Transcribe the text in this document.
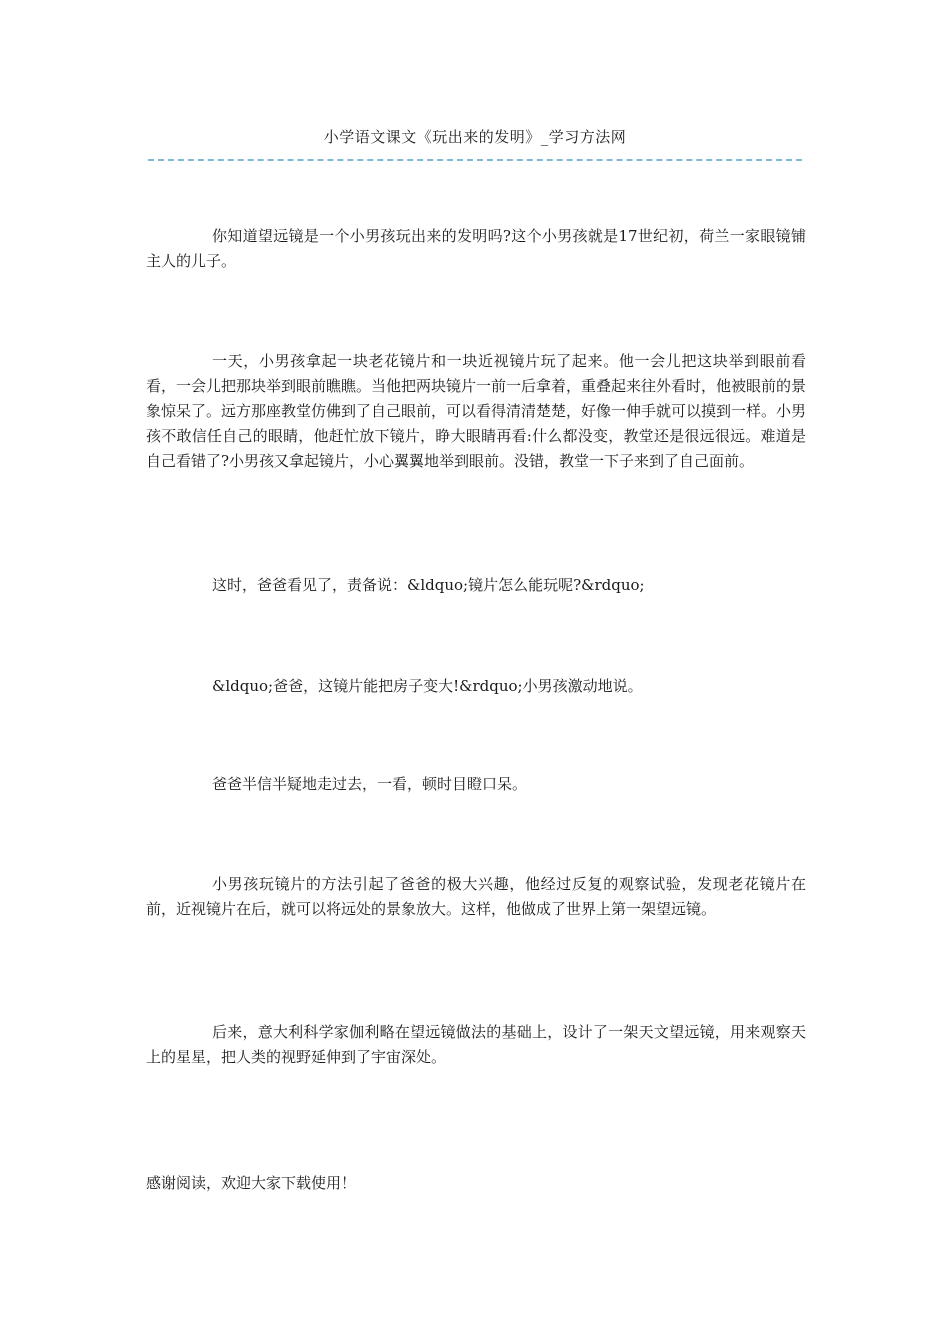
小学语文课文《玩出来的发明》_学习方法网

你知道望远镜是一个小男孩玩出来的发明吗?这个小男孩就是17世纪初，荷兰一家眼镜铺主人的儿子。

一天，小男孩拿起一块老花镜片和一块近视镜片玩了起来。他一会儿把这块举到眼前看看，一会儿把那块举到眼前瞧瞧。当他把两块镜片一前一后拿着，重叠起来往外看时，他被眼前的景象惊呆了。远方那座教堂仿佛到了自己眼前，可以看得清清楚楚，好像一伸手就可以摸到一样。小男孩不敢信任自己的眼睛，他赶忙放下镜片，睁大眼睛再看:什么都没变，教堂还是很远很远。难道是自己看错了?小男孩又拿起镜片，小心翼翼地举到眼前。没错，教堂一下子来到了自己面前。

这时，爸爸看见了，责备说：&ldquo;镜片怎么能玩呢?&rdquo;

&ldquo;爸爸，这镜片能把房子变大!&rdquo;小男孩激动地说。

爸爸半信半疑地走过去，一看，顿时目瞪口呆。

小男孩玩镜片的方法引起了爸爸的极大兴趣，他经过反复的观察试验，发现老花镜片在前，近视镜片在后，就可以将远处的景象放大。这样，他做成了世界上第一架望远镜。

后来，意大利科学家伽利略在望远镜做法的基础上，设计了一架天文望远镜，用来观察天上的星星，把人类的视野延伸到了宇宙深处。

感谢阅读，欢迎大家下载使用！
